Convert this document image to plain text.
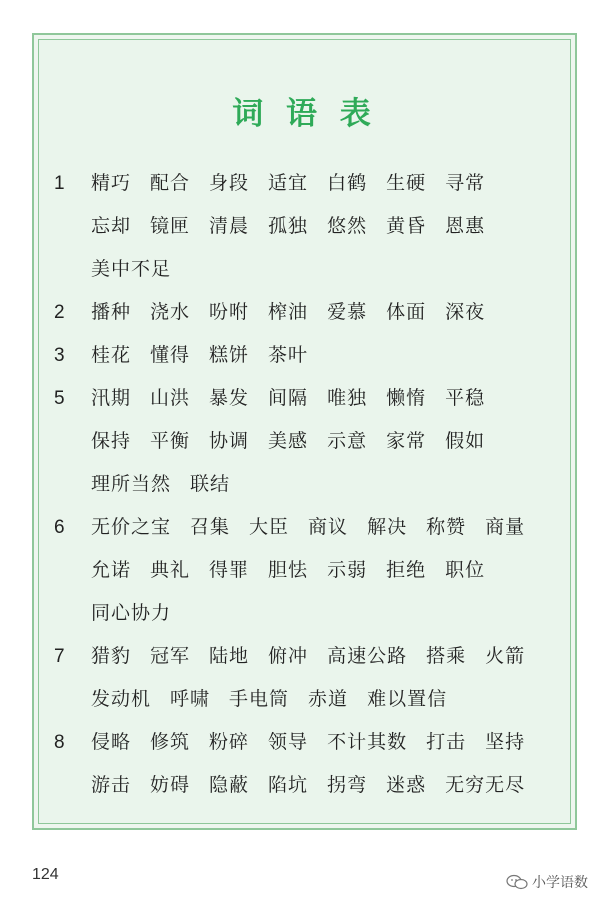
词 语 表
1	精巧 配合 身段 适宜 白鹤 生硬 寻常
忘却 镜匣 清晨 孤独 悠然 黄昏 恩惠
美中不足
2	播种 浇水 吩咐 榨油 爱慕 体面 深夜
3	桂花 懂得 糕饼 茶叶
5	汛期 山洪 暴发 间隔 唯独 懒惰 平稳
保持 平衡 协调 美感 示意 家常 假如
理所当然 联结
6	无价之宝 召集 大臣 商议 解决 称赞 商量
允诺 典礼 得罪 胆怯 示弱 拒绝 职位
同心协力
7	猎豹 冠军 陆地 俯冲 高速公路 搭乘 火箭
发动机 呼啸 手电筒 赤道 难以置信
8	侵略 修筑 粉碎 领导 不计其数 打击 坚持
游击 妨碍 隐蔽 陷坑 拐弯 迷惑 无穷无尽
124	小学语数
